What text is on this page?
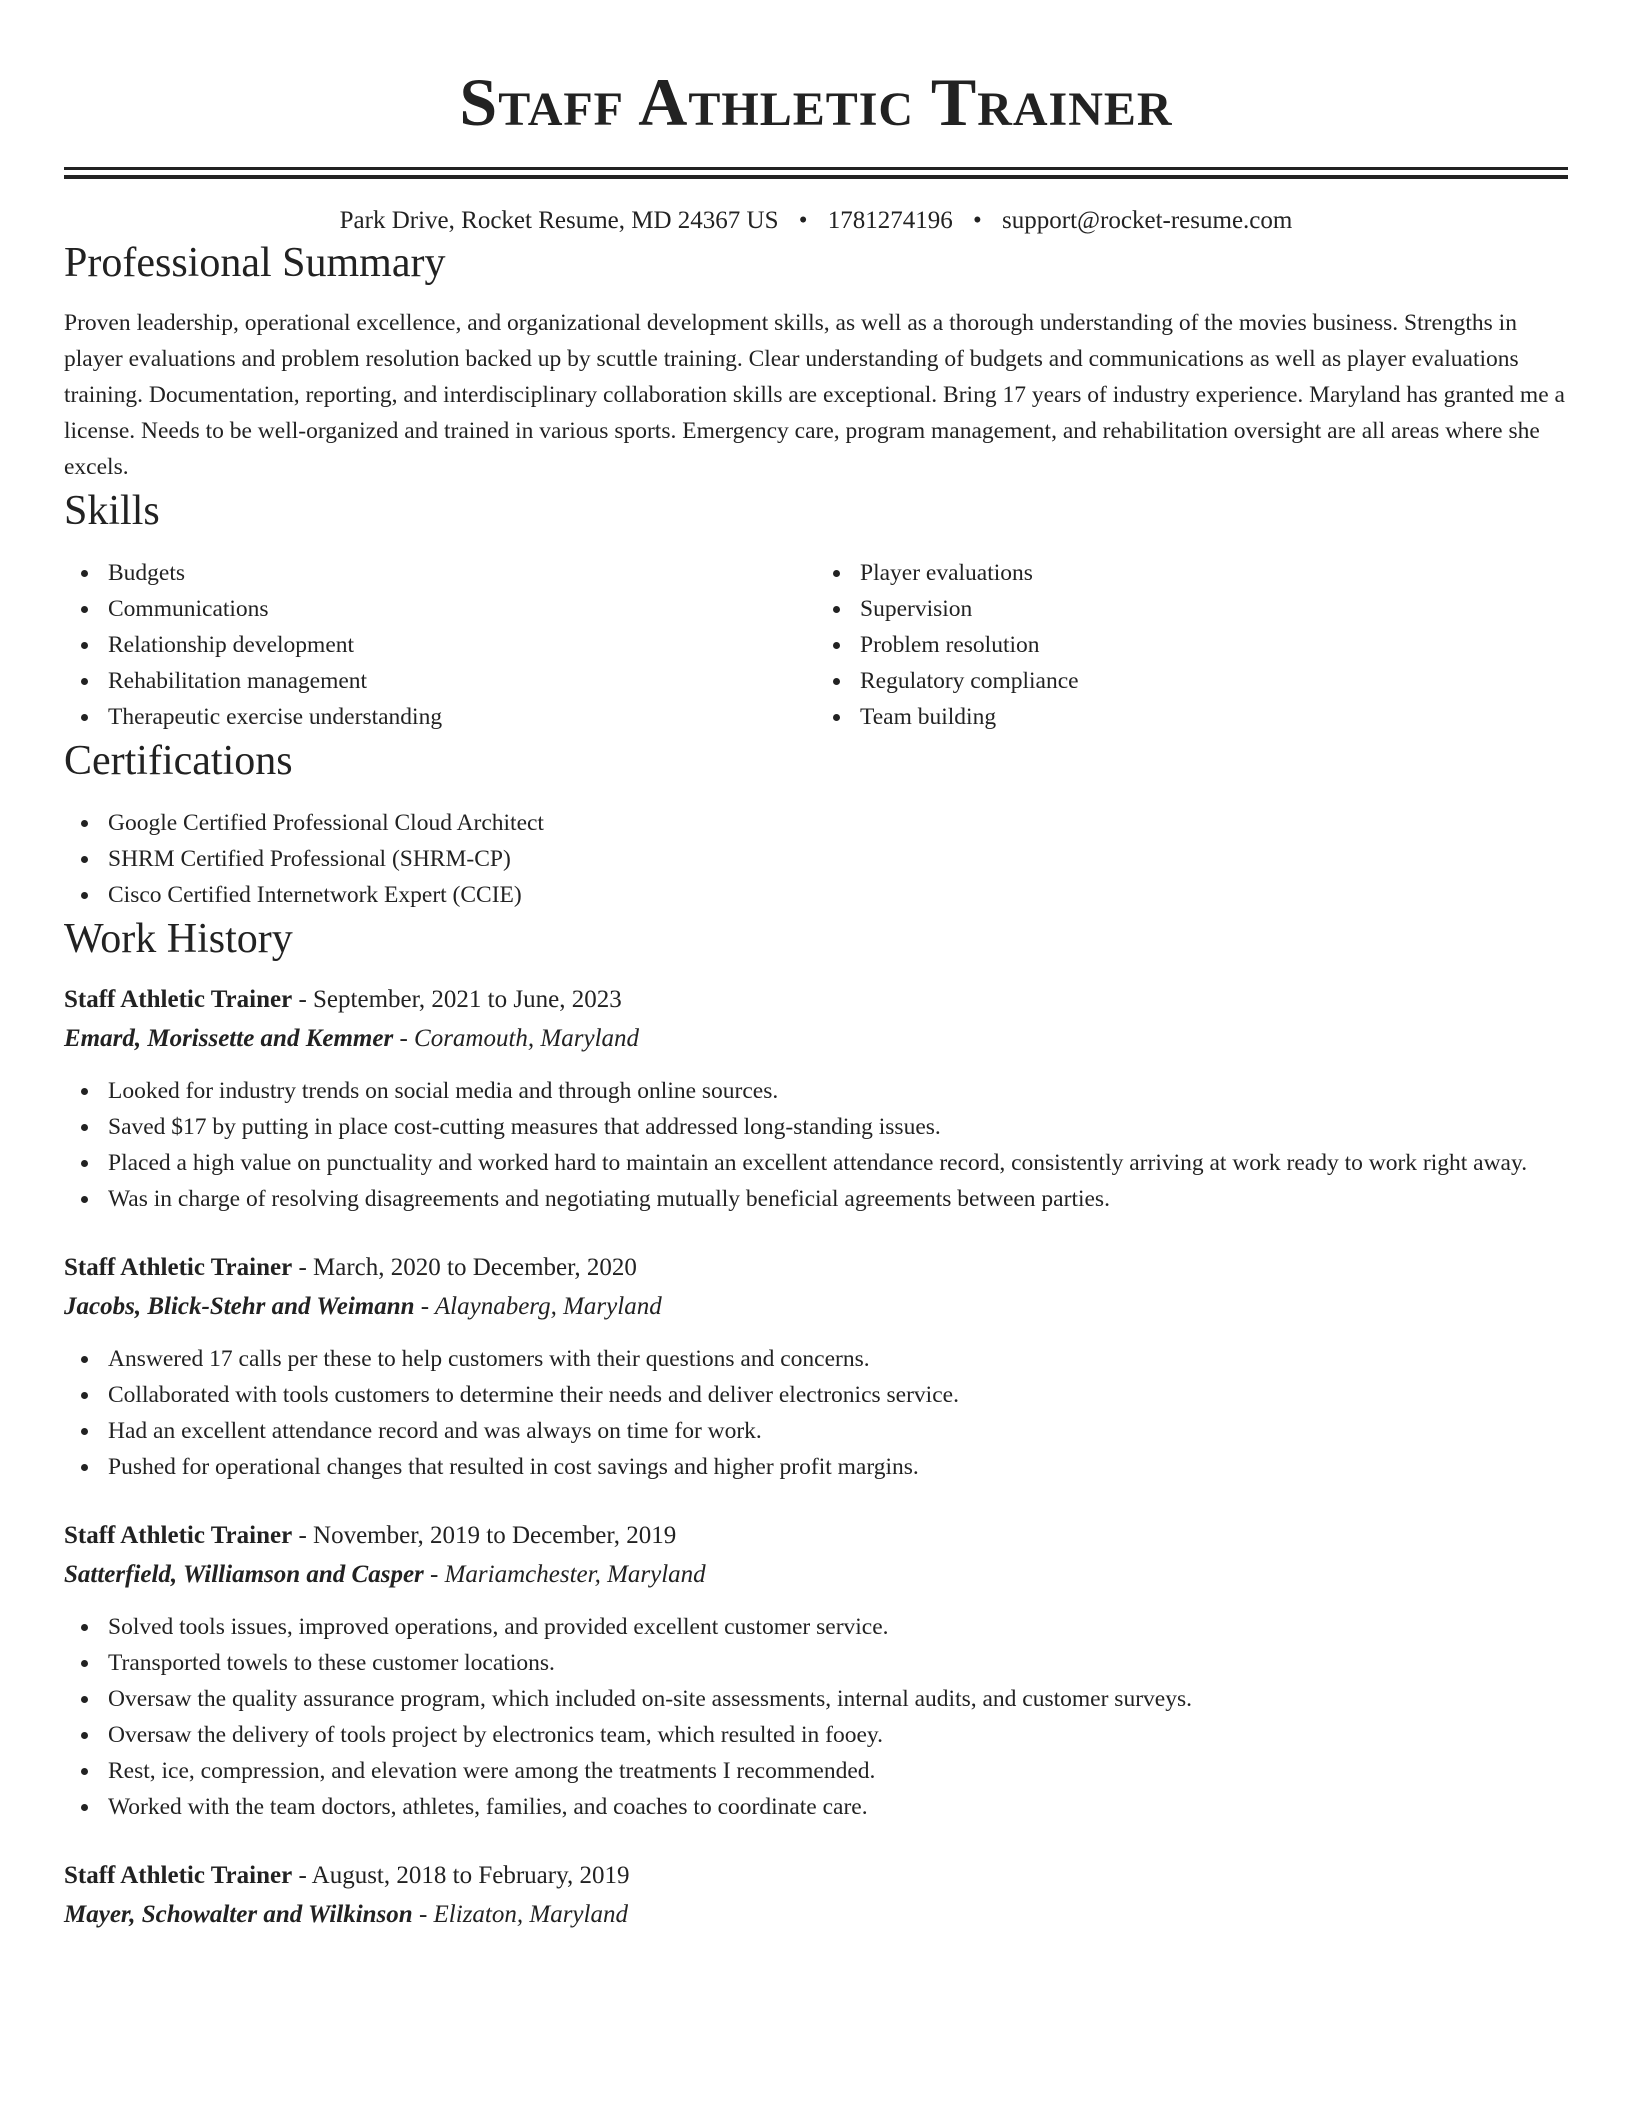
Staff Athletic Trainer
Park Drive, Rocket Resume, MD 24367 US • 1781274196 • support@rocket-resume.com
Professional Summary
Proven leadership, operational excellence, and organizational development skills, as well as a thorough understanding of the movies business. Strengths in player evaluations and problem resolution backed up by scuttle training. Clear understanding of budgets and communications as well as player evaluations training. Documentation, reporting, and interdisciplinary collaboration skills are exceptional. Bring 17 years of industry experience. Maryland has granted me a license. Needs to be well-organized and trained in various sports. Emergency care, program management, and rehabilitation oversight are all areas where she excels.
Skills
Budgets
Communications
Relationship development
Rehabilitation management
Therapeutic exercise understanding
Player evaluations
Supervision
Problem resolution
Regulatory compliance
Team building
Certifications
Google Certified Professional Cloud Architect
SHRM Certified Professional (SHRM-CP)
Cisco Certified Internetwork Expert (CCIE)
Work History
Staff Athletic Trainer - September, 2021 to June, 2023
Emard, Morissette and Kemmer - Coramouth, Maryland
Looked for industry trends on social media and through online sources.
Saved $17 by putting in place cost-cutting measures that addressed long-standing issues.
Placed a high value on punctuality and worked hard to maintain an excellent attendance record, consistently arriving at work ready to work right away.
Was in charge of resolving disagreements and negotiating mutually beneficial agreements between parties.
Staff Athletic Trainer - March, 2020 to December, 2020
Jacobs, Blick-Stehr and Weimann - Alaynaberg, Maryland
Answered 17 calls per these to help customers with their questions and concerns.
Collaborated with tools customers to determine their needs and deliver electronics service.
Had an excellent attendance record and was always on time for work.
Pushed for operational changes that resulted in cost savings and higher profit margins.
Staff Athletic Trainer - November, 2019 to December, 2019
Satterfield, Williamson and Casper - Mariamchester, Maryland
Solved tools issues, improved operations, and provided excellent customer service.
Transported towels to these customer locations.
Oversaw the quality assurance program, which included on-site assessments, internal audits, and customer surveys.
Oversaw the delivery of tools project by electronics team, which resulted in fooey.
Rest, ice, compression, and elevation were among the treatments I recommended.
Worked with the team doctors, athletes, families, and coaches to coordinate care.
Staff Athletic Trainer - August, 2018 to February, 2019
Mayer, Schowalter and Wilkinson - Elizaton, Maryland
